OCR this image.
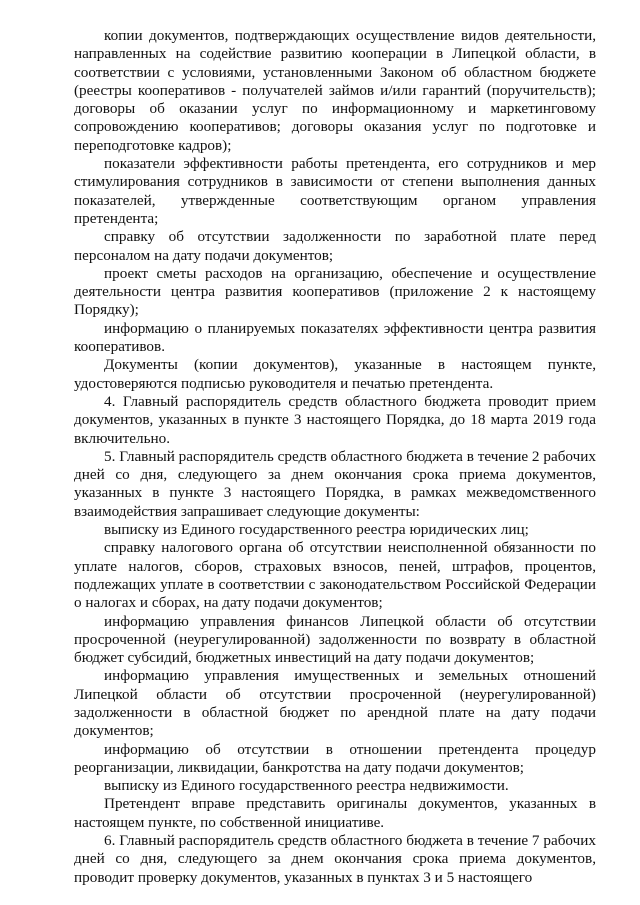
копии документов, подтверждающих осуществление видов деятельности, направленных на содействие развитию кооперации в Липецкой области, в соответствии с условиями, установленными Законом об областном бюджете (реестры кооперативов - получателей займов и/или гарантий (поручительств); договоры об оказании услуг по информационному и маркетинговому сопровождению кооперативов; договоры оказания услуг по подготовке и переподготовке кадров);

показатели эффективности работы претендента, его сотрудников и мер стимулирования сотрудников в зависимости от степени выполнения данных показателей, утвержденные соответствующим органом управления претендента;

справку об отсутствии задолженности по заработной плате перед персоналом на дату подачи документов;

проект сметы расходов на организацию, обеспечение и осуществление деятельности центра развития кооперативов (приложение 2 к настоящему Порядку);

информацию о планируемых показателях эффективности центра развития кооперативов.

Документы (копии документов), указанные в настоящем пункте, удостоверяются подписью руководителя и печатью претендента.

4. Главный распорядитель средств областного бюджета проводит прием документов, указанных в пункте 3 настоящего Порядка, до 18 марта 2019 года включительно.

5. Главный распорядитель средств областного бюджета в течение 2 рабочих дней со дня, следующего за днем окончания срока приема документов, указанных в пункте 3 настоящего Порядка, в рамках межведомственного взаимодействия запрашивает следующие документы:

выписку из Единого государственного реестра юридических лиц;

справку налогового органа об отсутствии неисполненной обязанности по уплате налогов, сборов, страховых взносов, пеней, штрафов, процентов, подлежащих уплате в соответствии с законодательством Российской Федерации о налогах и сборах, на дату подачи документов;

информацию управления финансов Липецкой области об отсутствии просроченной (неурегулированной) задолженности по возврату в областной бюджет субсидий, бюджетных инвестиций на дату подачи документов;

информацию управления имущественных и земельных отношений Липецкой области об отсутствии просроченной (неурегулированной) задолженности в областной бюджет по арендной плате на дату подачи документов;

информацию об отсутствии в отношении претендента процедур реорганизации, ликвидации, банкротства на дату подачи документов;

выписку из Единого государственного реестра недвижимости.

Претендент вправе представить оригиналы документов, указанных в настоящем пункте, по собственной инициативе.

6. Главный распорядитель средств областного бюджета в течение 7 рабочих дней со дня, следующего за днем окончания срока приема документов, проводит проверку документов, указанных в пунктах 3 и 5 настоящего
